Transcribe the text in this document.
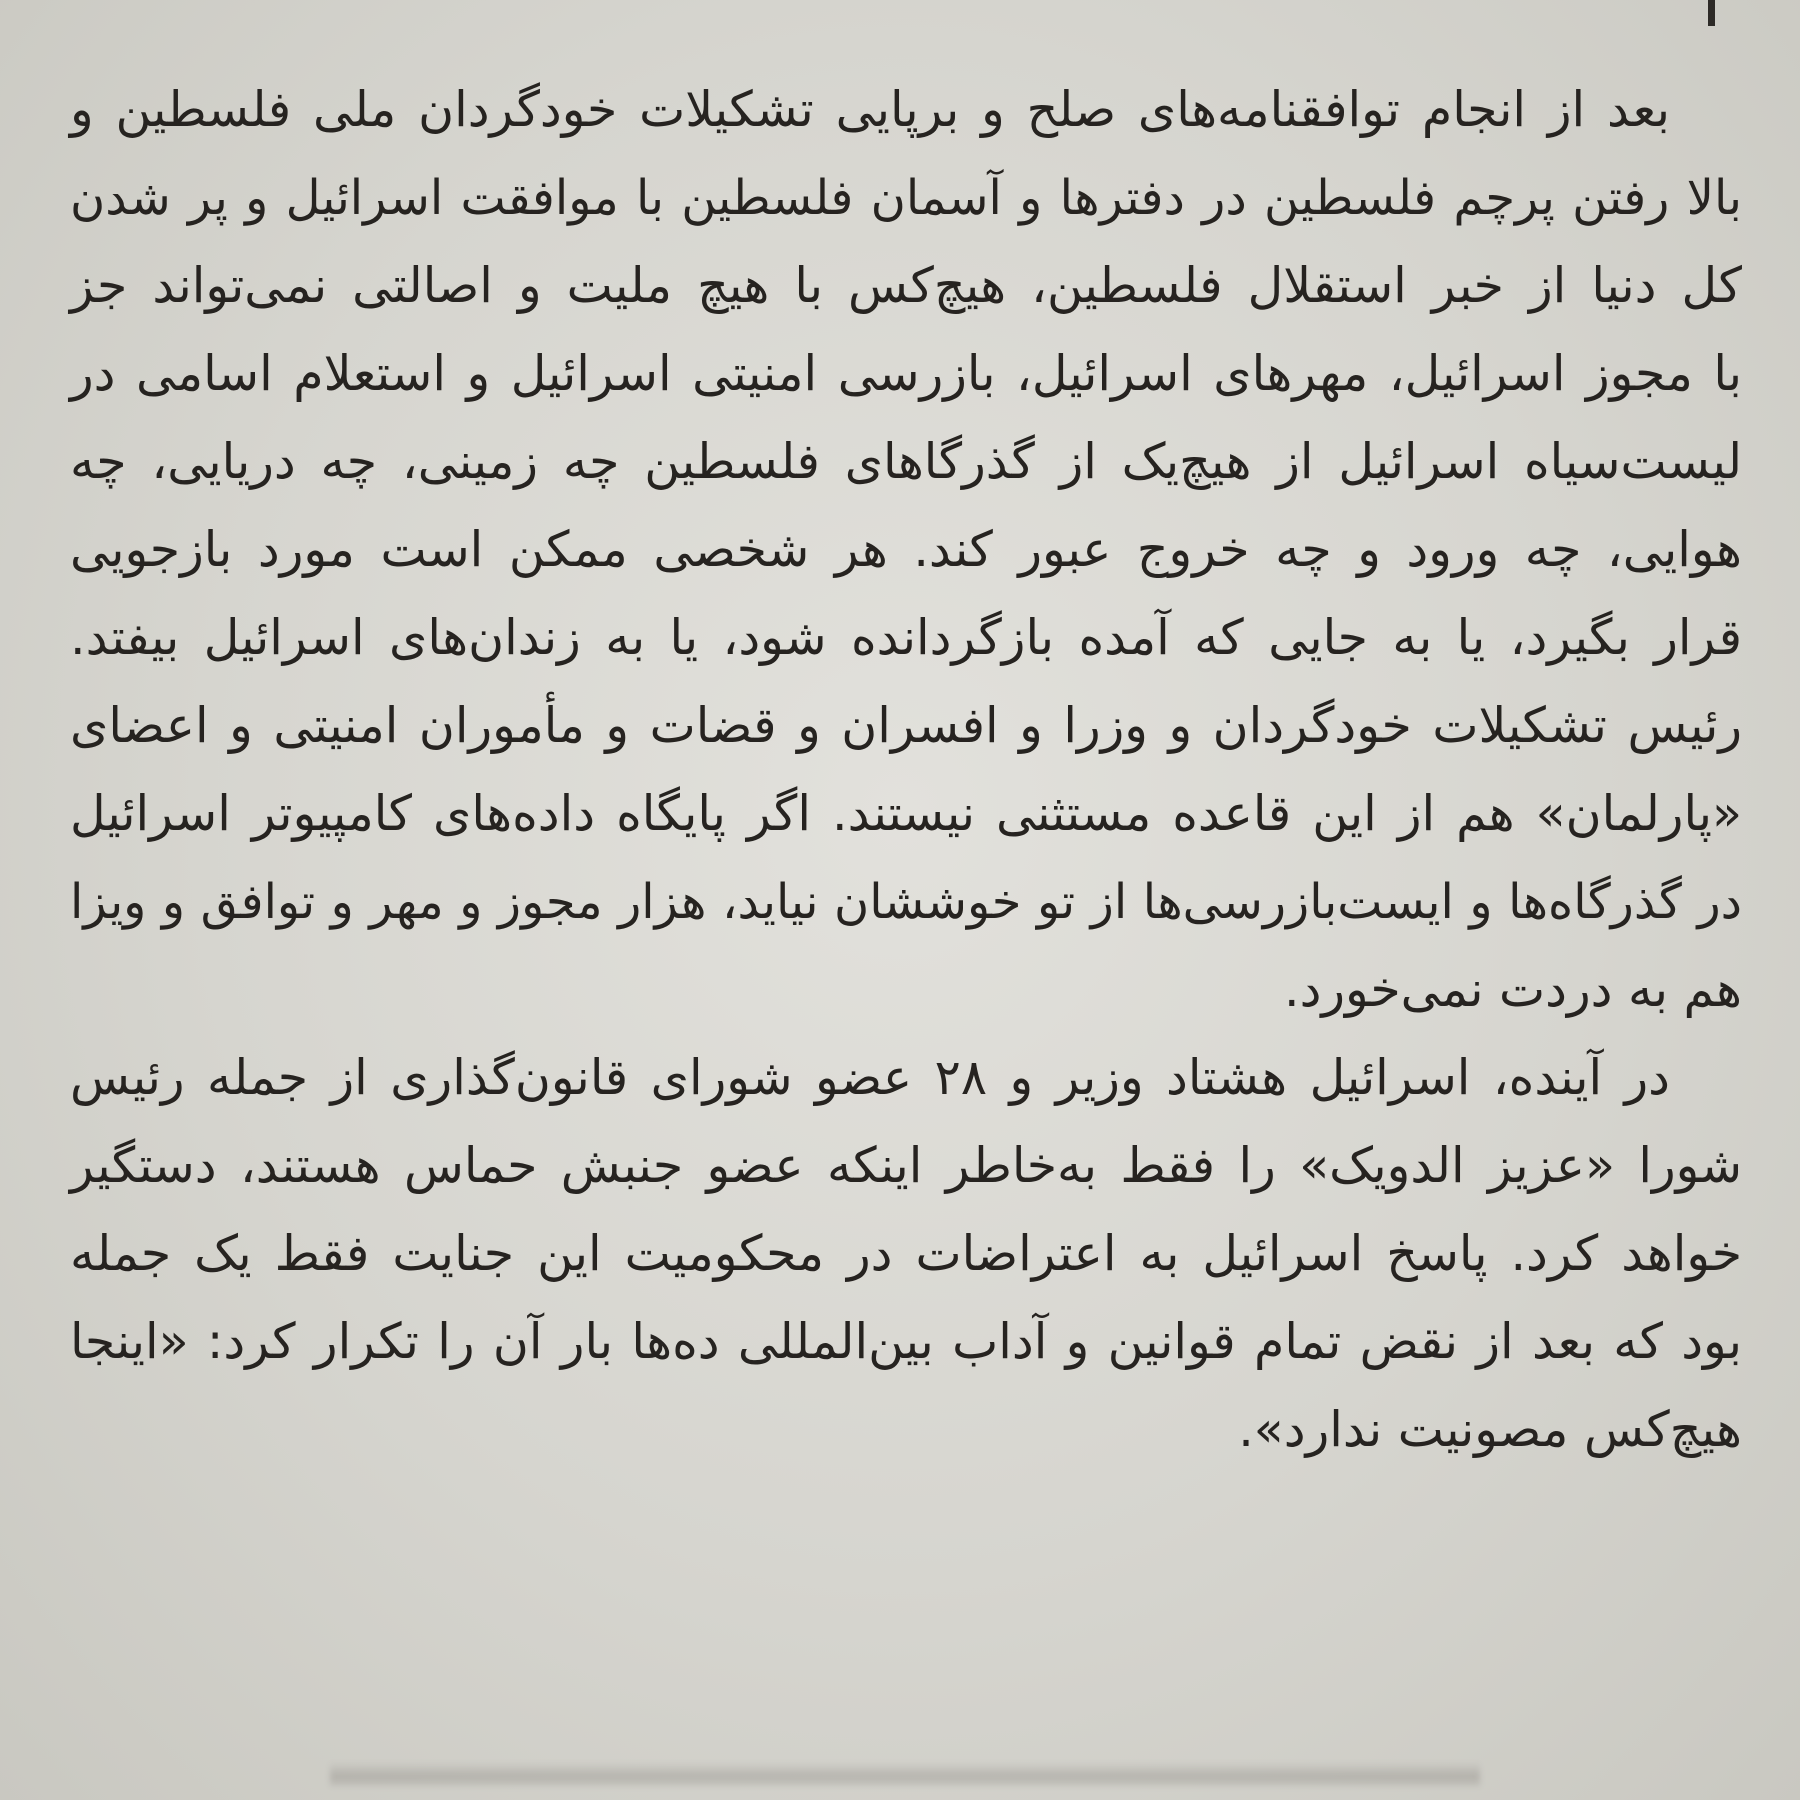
بعد از انجام توافقنامه‌های صلح و برپایی تشکیلات خودگردان ملی فلسطین و
بالا رفتن پرچم فلسطین در دفترها و آسمان فلسطین با موافقت اسرائیل و پر شدن
کل دنیا از خبر استقلال فلسطین، هیچ‌کس با هیچ ملیت و اصالتی نمی‌تواند جز
با مجوز اسرائیل، مهرهای اسرائیل، بازرسی امنیتی اسرائیل و استعلام اسامی در
لیست‌سیاه اسرائیل از هیچ‌یک از گذرگاهای فلسطین چه زمینی، چه دریایی، چه
هوایی، چه ورود و چه خروج عبور کند. هر شخصی ممکن است مورد بازجویی
قرار بگیرد، یا به جایی که آمده بازگردانده شود، یا به زندان‌های اسرائیل بیفتد.
رئیس تشکیلات خودگردان و وزرا و افسران و قضات و مأموران امنیتی و اعضای
«پارلمان» هم از این قاعده مستثنی نیستند. اگر پایگاه داده‌های کامپیوتر اسرائیل
در گذرگاه‌ها و ایست‌بازرسی‌ها از تو خوششان نیاید، هزار مجوز و مهر و توافق و ویزا
هم به دردت نمی‌خورد.
در آینده، اسرائیل هشتاد وزیر و ۲۸ عضو شورای قانون‌گذاری از جمله رئیس
شورا «عزیز الدویک» را فقط به‌خاطر اینکه عضو جنبش حماس هستند، دستگیر
خواهد کرد. پاسخ اسرائیل به اعتراضات در محکومیت این جنایت فقط یک جمله
بود که بعد از نقض تمام قوانین و آداب بین‌المللی ده‌ها بار آن را تکرار کرد: «اینجا
هیچ‌کس مصونیت ندارد».
